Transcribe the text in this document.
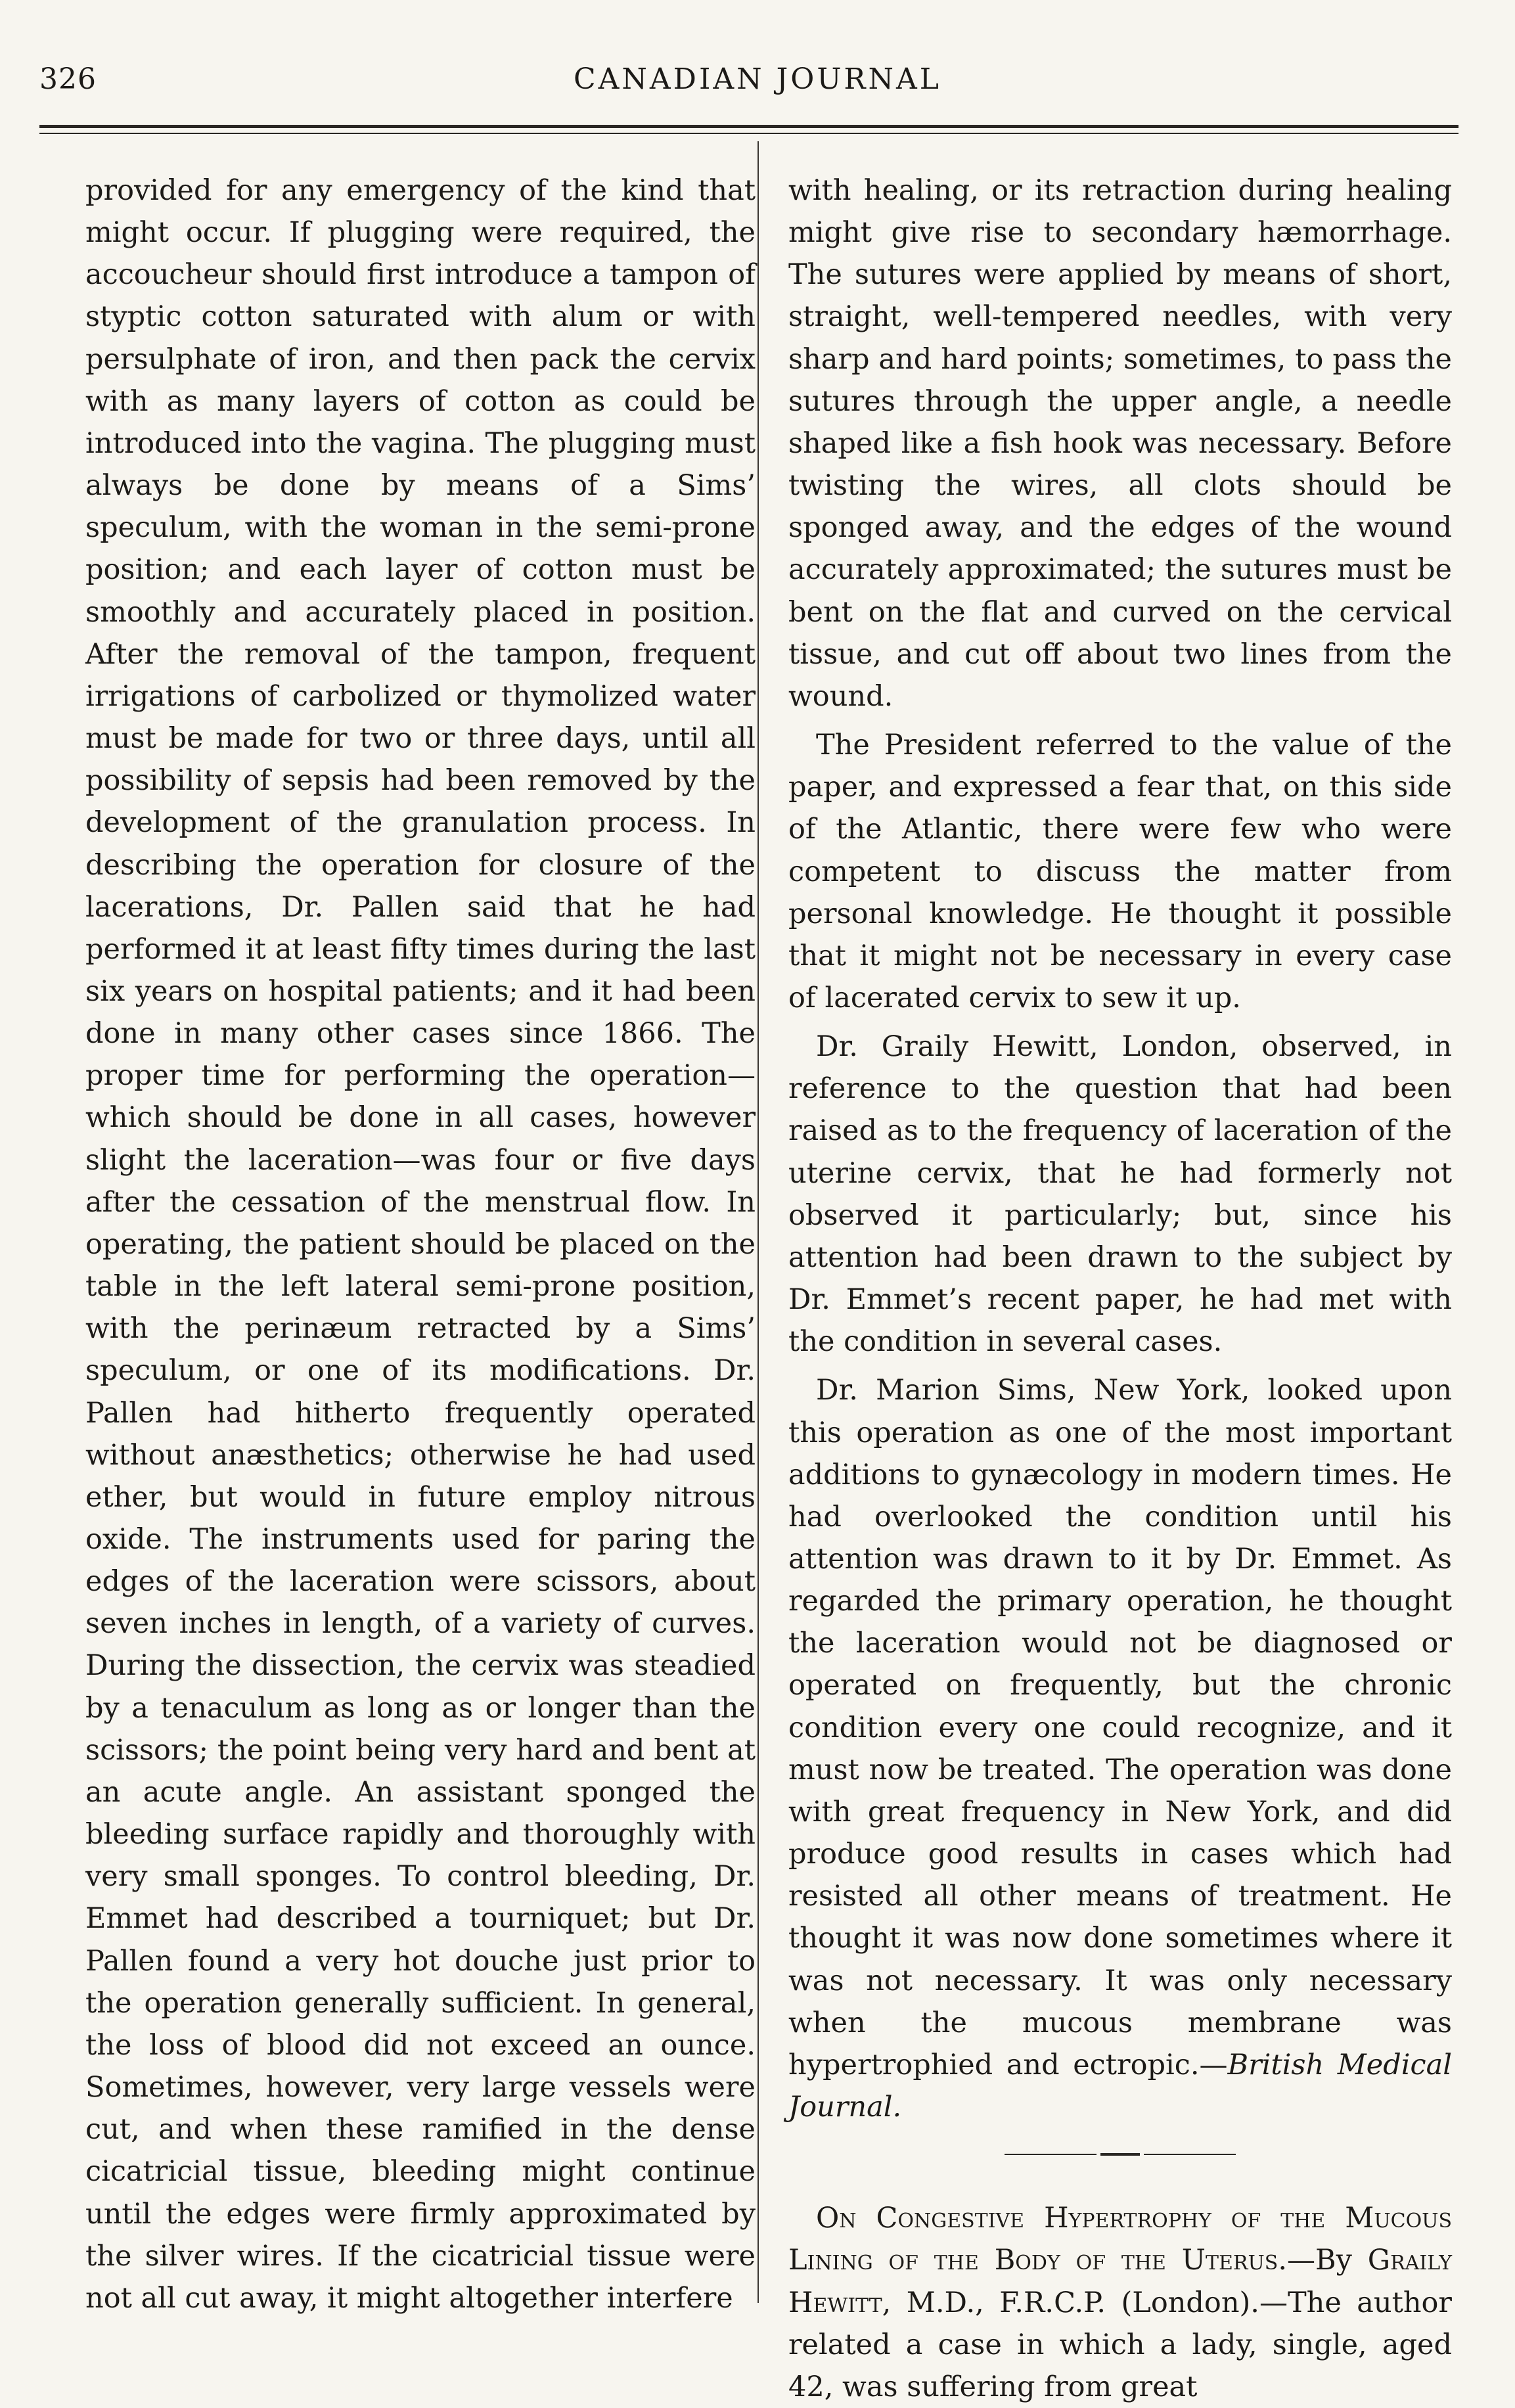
326	CANADIAN JOURNAL

provided for any emergency of the kind that might occur. If plugging were required, the accoucheur should first introduce a tampon of styptic cotton saturated with alum or with persulphate of iron, and then pack the cervix with as many layers of cotton as could be introduced into the vagina. The plugging must always be done by means of a Sims’ speculum, with the woman in the semi-prone position; and each layer of cotton must be smoothly and accurately placed in position. After the removal of the tampon, frequent irrigations of carbolized or thymolized water must be made for two or three days, until all possibility of sepsis had been removed by the development of the granulation process. In describing the operation for closure of the lacerations, Dr. Pallen said that he had performed it at least fifty times during the last six years on hospital patients; and it had been done in many other cases since 1866. The proper time for performing the operation—which should be done in all cases, however slight the laceration—was four or five days after the cessation of the menstrual flow. In operating, the patient should be placed on the table in the left lateral semi-prone position, with the perinæum retracted by a Sims’ speculum, or one of its modifications. Dr. Pallen had hitherto frequently operated without anæsthetics; otherwise he had used ether, but would in future employ nitrous oxide. The instruments used for paring the edges of the laceration were scissors, about seven inches in length, of a variety of curves. During the dissection, the cervix was steadied by a tenaculum as long as or longer than the scissors; the point being very hard and bent at an acute angle. An assistant sponged the bleeding surface rapidly and thoroughly with very small sponges. To control bleeding, Dr. Emmet had described a tourniquet; but Dr. Pallen found a very hot douche just prior to the operation generally sufficient. In general, the loss of blood did not exceed an ounce. Sometimes, however, very large vessels were cut, and when these ramified in the dense cicatricial tissue, bleeding might continue until the edges were firmly approximated by the silver wires. If the cicatricial tissue were not all cut away, it might altogether interfere

with healing, or its retraction during healing might give rise to secondary hæmorrhage. The sutures were applied by means of short, straight, well-tempered needles, with very sharp and hard points; sometimes, to pass the sutures through the upper angle, a needle shaped like a fish hook was necessary. Before twisting the wires, all clots should be sponged away, and the edges of the wound accurately approximated; the sutures must be bent on the flat and curved on the cervical tissue, and cut off about two lines from the wound.

The President referred to the value of the paper, and expressed a fear that, on this side of the Atlantic, there were few who were competent to discuss the matter from personal knowledge. He thought it possible that it might not be necessary in every case of lacerated cervix to sew it up.

Dr. Graily Hewitt, London, observed, in reference to the question that had been raised as to the frequency of laceration of the uterine cervix, that he had formerly not observed it particularly; but, since his attention had been drawn to the subject by Dr. Emmet’s recent paper, he had met with the condition in several cases.

Dr. Marion Sims, New York, looked upon this operation as one of the most important additions to gynæcology in modern times. He had overlooked the condition until his attention was drawn to it by Dr. Emmet. As regarded the primary operation, he thought the laceration would not be diagnosed or operated on frequently, but the chronic condition every one could recognize, and it must now be treated. The operation was done with great frequency in New York, and did produce good results in cases which had resisted all other means of treatment. He thought it was now done sometimes where it was not necessary. It was only necessary when the mucous membrane was hypertrophied and ectropic.—British Medical Journal.

On Congestive Hypertrophy of the Mucous Lining of the Body of the Uterus.—By Graily Hewitt, M.D., F.R.C.P. (London).—The author related a case in which a lady, single, aged 42, was suffering from great
